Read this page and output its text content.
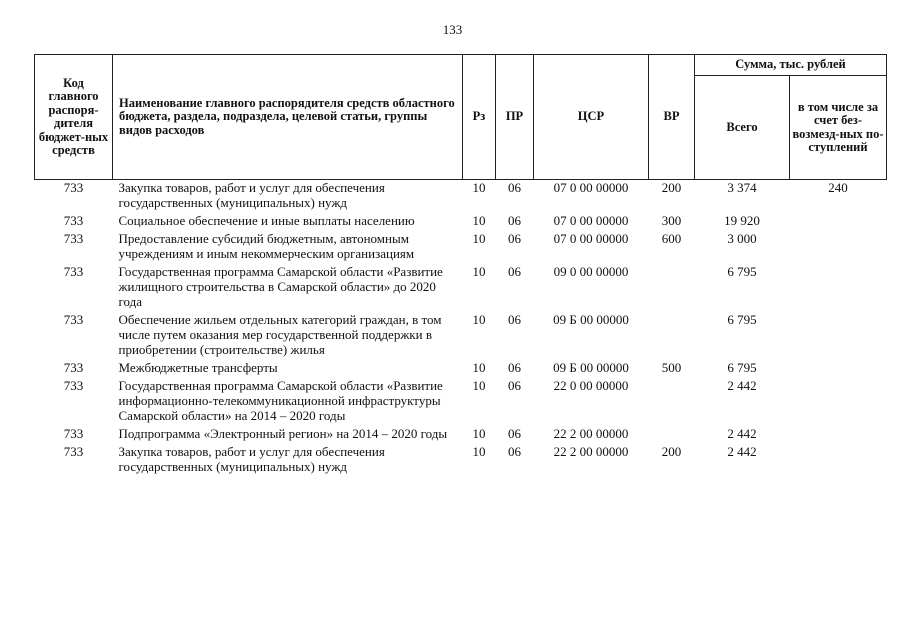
133
Код главного распоря-дителя бюджет-ных средств	Наименование главного распорядителя средств областного бюджета, раздела, подраздела, целевой статьи, группы видов расходов	Рз	ПР	ЦСР	ВР	Сумма, тыс. рублей	
						Всего	в том числе за счет без-возмезд-ных по-ступлений
733	Закупка товаров, работ и услуг для обеспечения государственных (муниципальных) нужд	10	06	07 0 00 00000	200	3 374	240
733	Социальное обеспечение и иные выплаты населению	10	06	07 0 00 00000	300	19 920	
733	Предоставление субсидий бюджетным, автономным учреждениям и иным некоммерческим организациям	10	06	07 0 00 00000	600	3 000	
733	Государственная программа Самарской области «Развитие жилищного строительства в Самарской области» до 2020 года	10	06	09 0 00 00000		6 795	
733	Обеспечение жильем отдельных категорий граждан, в том числе путем оказания мер государственной поддержки в приобретении (строительстве) жилья	10	06	09 Б 00 00000		6 795	
733	Межбюджетные трансферты	10	06	09 Б 00 00000	500	6 795	
733	Государственная программа Самарской области «Развитие информационно-телекоммуникационной инфраструктуры Самарской области» на 2014 – 2020 годы	10	06	22 0 00 00000		2 442	
733	Подпрограмма «Электронный регион» на 2014 – 2020 годы	10	06	22 2 00 00000		2 442	
733	Закупка товаров, работ и услуг для обеспечения государственных (муниципальных) нужд	10	06	22 2 00 00000	200	2 442	
